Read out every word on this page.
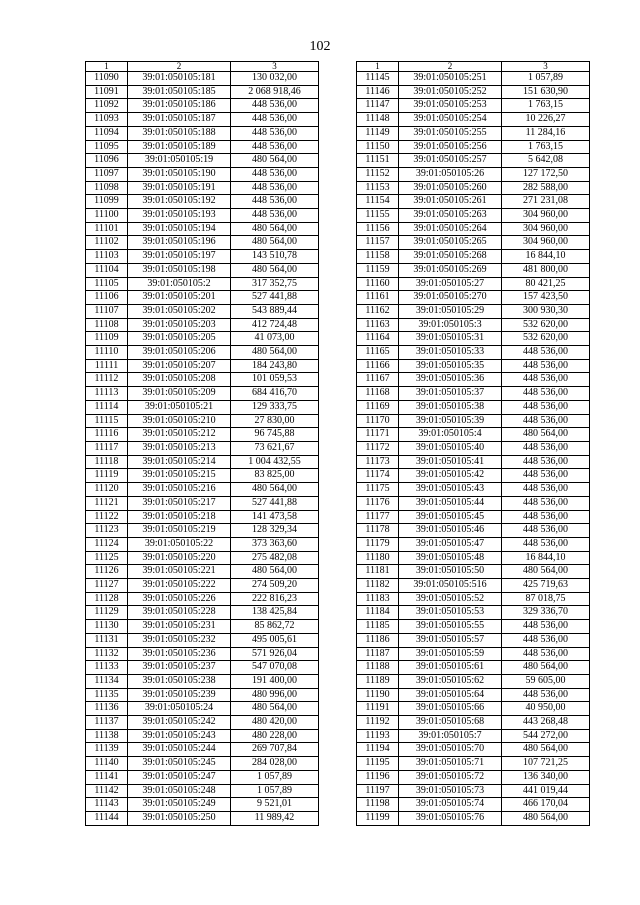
102
1	2	3
11090	39:01:050105:181	130 032,00
11091	39:01:050105:185	2 068 918,46
11092	39:01:050105:186	448 536,00
11093	39:01:050105:187	448 536,00
11094	39:01:050105:188	448 536,00
11095	39:01:050105:189	448 536,00
11096	39:01:050105:19	480 564,00
11097	39:01:050105:190	448 536,00
11098	39:01:050105:191	448 536,00
11099	39:01:050105:192	448 536,00
11100	39:01:050105:193	448 536,00
11101	39:01:050105:194	480 564,00
11102	39:01:050105:196	480 564,00
11103	39:01:050105:197	143 510,78
11104	39:01:050105:198	480 564,00
11105	39:01:050105:2	317 352,75
11106	39:01:050105:201	527 441,88
11107	39:01:050105:202	543 889,44
11108	39:01:050105:203	412 724,48
11109	39:01:050105:205	41 073,00
11110	39:01:050105:206	480 564,00
11111	39:01:050105:207	184 243,80
11112	39:01:050105:208	101 059,53
11113	39:01:050105:209	684 416,70
11114	39:01:050105:21	129 333,75
11115	39:01:050105:210	27 830,00
11116	39:01:050105:212	96 745,88
11117	39:01:050105:213	73 621,67
11118	39:01:050105:214	1 004 432,55
11119	39:01:050105:215	83 825,00
11120	39:01:050105:216	480 564,00
11121	39:01:050105:217	527 441,88
11122	39:01:050105:218	141 473,58
11123	39:01:050105:219	128 329,34
11124	39:01:050105:22	373 363,60
11125	39:01:050105:220	275 482,08
11126	39:01:050105:221	480 564,00
11127	39:01:050105:222	274 509,20
11128	39:01:050105:226	222 816,23
11129	39:01:050105:228	138 425,84
11130	39:01:050105:231	85 862,72
11131	39:01:050105:232	495 005,61
11132	39:01:050105:236	571 926,04
11133	39:01:050105:237	547 070,08
11134	39:01:050105:238	191 400,00
11135	39:01:050105:239	480 996,00
11136	39:01:050105:24	480 564,00
11137	39:01:050105:242	480 420,00
11138	39:01:050105:243	480 228,00
11139	39:01:050105:244	269 707,84
11140	39:01:050105:245	284 028,00
11141	39:01:050105:247	1 057,89
11142	39:01:050105:248	1 057,89
11143	39:01:050105:249	9 521,01
11144	39:01:050105:250	11 989,42
1	2	3
11145	39:01:050105:251	1 057,89
11146	39:01:050105:252	151 630,90
11147	39:01:050105:253	1 763,15
11148	39:01:050105:254	10 226,27
11149	39:01:050105:255	11 284,16
11150	39:01:050105:256	1 763,15
11151	39:01:050105:257	5 642,08
11152	39:01:050105:26	127 172,50
11153	39:01:050105:260	282 588,00
11154	39:01:050105:261	271 231,08
11155	39:01:050105:263	304 960,00
11156	39:01:050105:264	304 960,00
11157	39:01:050105:265	304 960,00
11158	39:01:050105:268	16 844,10
11159	39:01:050105:269	481 800,00
11160	39:01:050105:27	80 421,25
11161	39:01:050105:270	157 423,50
11162	39:01:050105:29	300 930,30
11163	39:01:050105:3	532 620,00
11164	39:01:050105:31	532 620,00
11165	39:01:050105:33	448 536,00
11166	39:01:050105:35	448 536,00
11167	39:01:050105:36	448 536,00
11168	39:01:050105:37	448 536,00
11169	39:01:050105:38	448 536,00
11170	39:01:050105:39	448 536,00
11171	39:01:050105:4	480 564,00
11172	39:01:050105:40	448 536,00
11173	39:01:050105:41	448 536,00
11174	39:01:050105:42	448 536,00
11175	39:01:050105:43	448 536,00
11176	39:01:050105:44	448 536,00
11177	39:01:050105:45	448 536,00
11178	39:01:050105:46	448 536,00
11179	39:01:050105:47	448 536,00
11180	39:01:050105:48	16 844,10
11181	39:01:050105:50	480 564,00
11182	39:01:050105:516	425 719,63
11183	39:01:050105:52	87 018,75
11184	39:01:050105:53	329 336,70
11185	39:01:050105:55	448 536,00
11186	39:01:050105:57	448 536,00
11187	39:01:050105:59	448 536,00
11188	39:01:050105:61	480 564,00
11189	39:01:050105:62	59 605,00
11190	39:01:050105:64	448 536,00
11191	39:01:050105:66	40 950,00
11192	39:01:050105:68	443 268,48
11193	39:01:050105:7	544 272,00
11194	39:01:050105:70	480 564,00
11195	39:01:050105:71	107 721,25
11196	39:01:050105:72	136 340,00
11197	39:01:050105:73	441 019,44
11198	39:01:050105:74	466 170,04
11199	39:01:050105:76	480 564,00
